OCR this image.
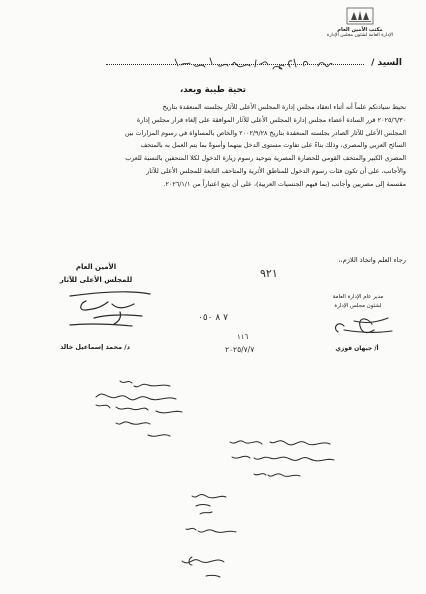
مكتب الأمين العام
الإدارة العامة لشئون مجلس الإدارة
السيد /
تحية طيبة وبعد،

نحيط سيادتكم علماً أنه أثناء انعقاد مجلس إدارة المجلس الأعلى للآثار بجلسته المنعقدة بتاريخ

٢٠٢٥/٦/٣٠ قرر السادة أعضاء مجلس إدارة المجلس الأعلى للآثار الموافقة على إلغاء قرار مجلس إدارة

المجلس الأعلى للآثار الصادر بجلسته المنعقدة بتاريخ ٢٠٠٢/٩/٢٨ والخاص بالمساواة في رسوم المزارات بين

السائح العربي والمصري، وذلك بناءً على تفاوت مستوى الدخل بينهما وأسوةً بما يتم العمل به بالمتحف

المصري الكبير والمتحف القومي للحضارة المصرية بتوحيد رسوم زيارة الدخول لكلا المتحفين بالنسبة للعرب

والأجانب، على أن تكون فئات رسوم الدخول للمناطق الأثرية والمتاحف التابعة للمجلس الأعلى للآثار

مقسمة إلى مصريين وأجانب (بما فيهم الجنسيات العربية)، على أن يتبع اعتباراً من ٢٠٢٦/١/١.

رجاء العلم واتخاذ اللازم،،
الأمين العام
للمجلس الأعلى للآثار
د/ محمد إسماعيل خالد
مدير عام الإدارة العامة
لشئون مجلس الإدارة
أ/ جيهان فوزي
٩٢١
٧ ٨ ٠٥٠
١١٦
٢٠٢٥/٧/٧
